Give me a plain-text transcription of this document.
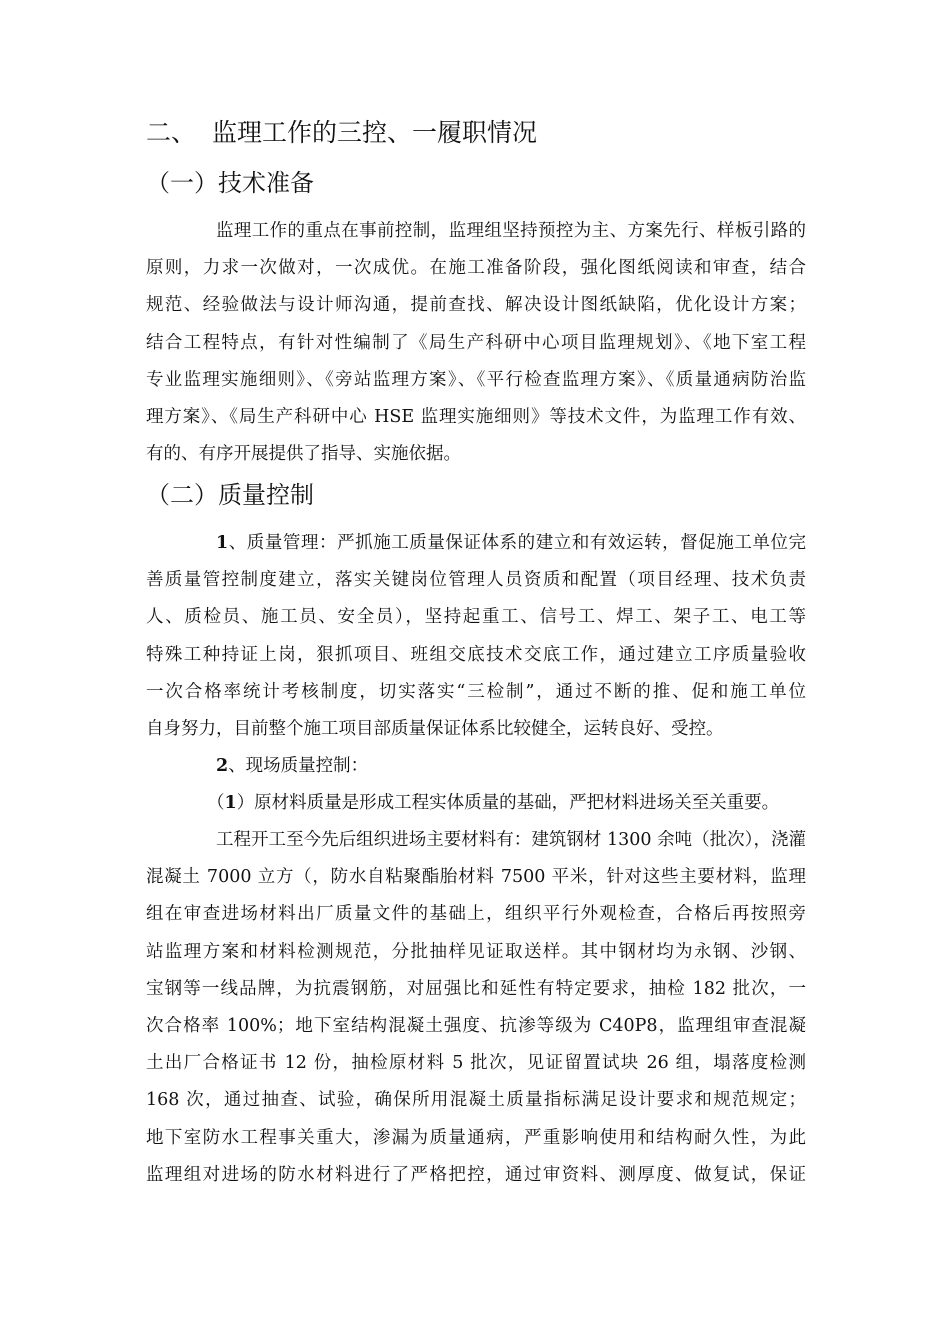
二、 监理工作的三控、一履职情况
（一）技术准备
监理工作的重点在事前控制，监理组坚持预控为主、方案先行、样板引路的
原则，力求一次做对，一次成优。在施工准备阶段，强化图纸阅读和审查，结合
规范、经验做法与设计师沟通，提前查找、解决设计图纸缺陷，优化设计方案；
结合工程特点，有针对性编制了《局生产科研中心项目监理规划》、《地下室工程
专业监理实施细则》、《旁站监理方案》、《平行检查监理方案》、《质量通病防治监
理方案》、《局生产科研中心 HSE 监理实施细则》等技术文件，为监理工作有效、
有的、有序开展提供了指导、实施依据。
（二）质量控制
1、质量管理：严抓施工质量保证体系的建立和有效运转，督促施工单位完
善质量管控制度建立，落实关键岗位管理人员资质和配置（项目经理、技术负责
人、质检员、施工员、安全员），坚持起重工、信号工、焊工、架子工、电工等
特殊工种持证上岗，狠抓项目、班组交底技术交底工作，通过建立工序质量验收
一次合格率统计考核制度，切实落实“三检制”，通过不断的推、促和施工单位
自身努力，目前整个施工项目部质量保证体系比较健全，运转良好、受控。
2、现场质量控制：
（1）原材料质量是形成工程实体质量的基础，严把材料进场关至关重要。
工程开工至今先后组织进场主要材料有：建筑钢材 1300 余吨（批次），浇灌
混凝土 7000 立方（，防水自粘聚酯胎材料 7500 平米，针对这些主要材料，监理
组在审查进场材料出厂质量文件的基础上，组织平行外观检查，合格后再按照旁
站监理方案和材料检测规范，分批抽样见证取送样。其中钢材均为永钢、沙钢、
宝钢等一线品牌，为抗震钢筋，对屈强比和延性有特定要求，抽检 182 批次，一
次合格率 100%；地下室结构混凝土强度、抗渗等级为 C40P8，监理组审查混凝
土出厂合格证书 12 份，抽检原材料 5 批次，见证留置试块 26 组，塌落度检测
168 次，通过抽查、试验，确保所用混凝土质量指标满足设计要求和规范规定；
地下室防水工程事关重大，渗漏为质量通病，严重影响使用和结构耐久性，为此
监理组对进场的防水材料进行了严格把控，通过审资料、测厚度、做复试，保证
